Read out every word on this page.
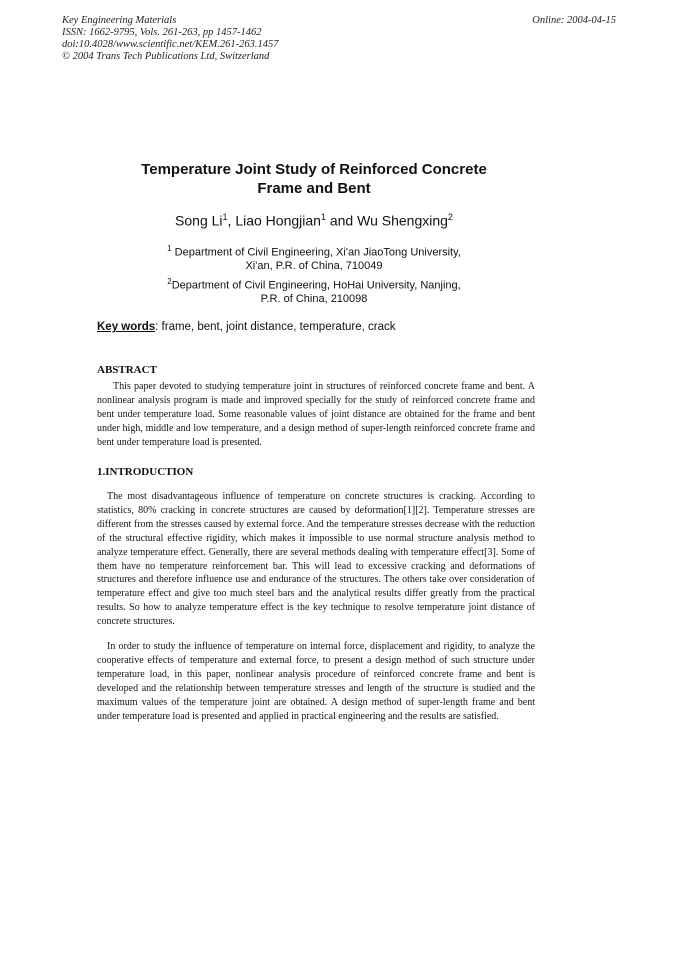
Key Engineering Materials
ISSN: 1662-9795, Vols. 261-263, pp 1457-1462
doi:10.4028/www.scientific.net/KEM.261-263.1457
© 2004 Trans Tech Publications Ltd, Switzerland
Online: 2004-04-15
Temperature Joint Study of Reinforced Concrete
Frame and Bent
Song Li$^1$, Liao Hongjian$^1$ and Wu Shengxing$^2$
$^1$ Department of Civil Engineering, Xi'an JiaoTong University,
Xi'an, P.R. of China, 710049
$^2$Department of Civil Engineering, HoHai University, Nanjing,
P.R. of China, 210098
Key words: frame, bent, joint distance, temperature, crack
ABSTRACT

This paper devoted to studying temperature joint in structures of reinforced concrete frame and bent. A nonlinear analysis program is made and improved specially for the study of reinforced concrete frame and bent under temperature load. Some reasonable values of joint distance are obtained for the frame and bent under high, middle and low temperature, and a design method of super-length reinforced concrete frame and bent under temperature load is presented.

1.INTRODUCTION

The most disadvantageous influence of temperature on concrete structures is cracking. According to statistics, 80% cracking in concrete structures are caused by deformation[1][2]. Temperature stresses are different from the stresses caused by external force. And the temperature stresses decrease with the reduction of the structural effective rigidity, which makes it impossible to use normal structure analysis method to analyze temperature effect. Generally, there are several methods dealing with temperature effect[3]. Some of them have no temperature reinforcement bar. This will lead to excessive cracking and deformations of structures and therefore influence use and endurance of the structures. The others take over consideration of temperature effect and give too much steel bars and the analytical results differ greatly from the practical results. So how to analyze temperature effect is the key technique to resolve temperature joint distance of concrete structures.

In order to study the influence of temperature on internal force, displacement and rigidity, to analyze the cooperative effects of temperature and external force, to present a design method of such structure under temperature load, in this paper, nonlinear analysis procedure of reinforced concrete frame and bent is developed and the relationship between temperature stresses and length of the structure is studied and the maximum values of the temperature joint are obtained. A design method of super-length frame and bent under temperature load is presented and applied in practical engineering and the results are satisfied.
